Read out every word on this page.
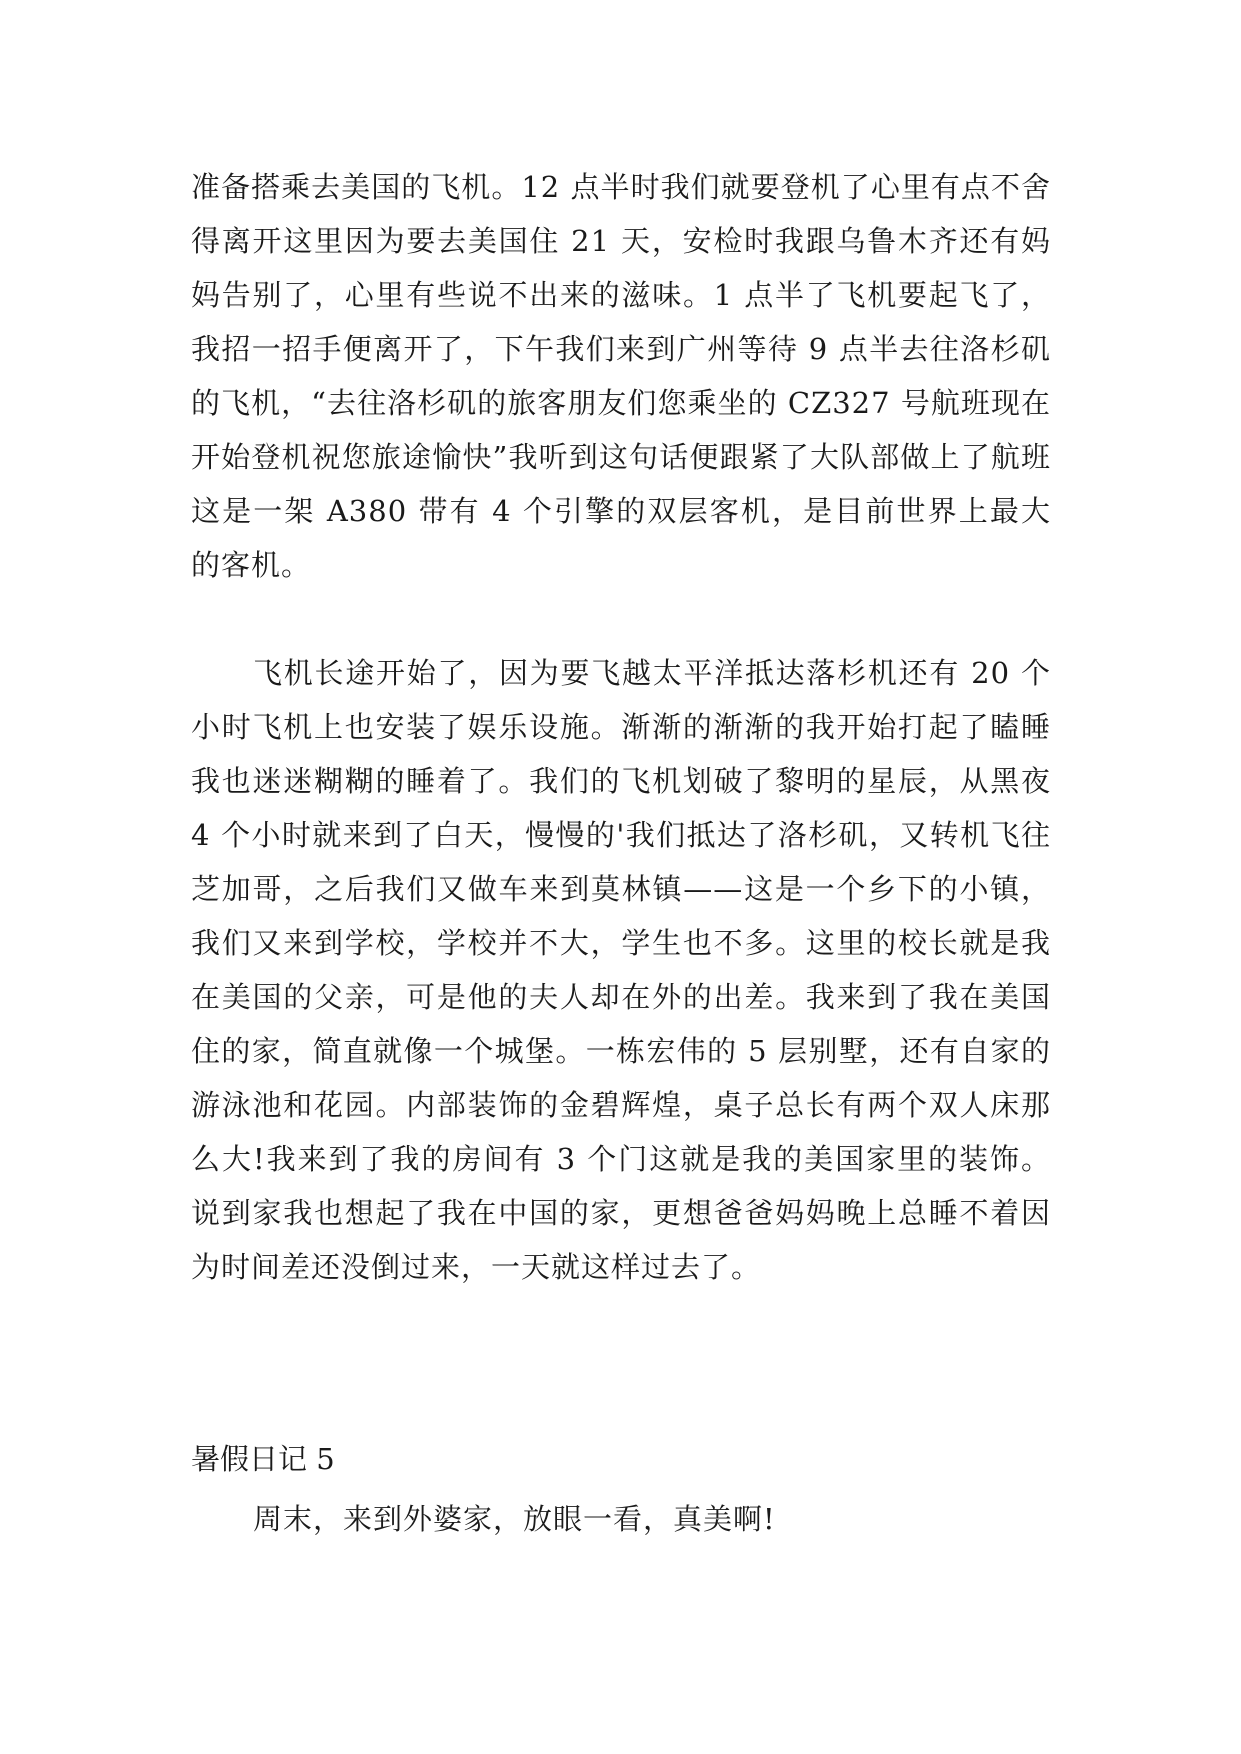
准备搭乘去美国的飞机。12 点半时我们就要登机了心里有点不舍得离开这里因为要去美国住 21 天，安检时我跟乌鲁木齐还有妈妈告别了，心里有些说不出来的滋味。1 点半了飞机要起飞了，我招一招手便离开了，下午我们来到广州等待 9 点半去往洛杉矶的飞机，“去往洛杉矶的旅客朋友们您乘坐的 CZ327 号航班现在开始登机祝您旅途愉快”我听到这句话便跟紧了大队部做上了航班这是一架 A380 带有 4 个引擎的双层客机，是目前世界上最大的客机。

飞机长途开始了，因为要飞越太平洋抵达落杉机还有 20 个小时飞机上也安装了娱乐设施。渐渐的渐渐的我开始打起了瞌睡我也迷迷糊糊的睡着了。我们的飞机划破了黎明的星辰，从黑夜 4 个小时就来到了白天，慢慢的'我们抵达了洛杉矶，又转机飞往芝加哥，之后我们又做车来到莫林镇——这是一个乡下的小镇，我们又来到学校，学校并不大，学生也不多。这里的校长就是我在美国的父亲，可是他的夫人却在外的出差。我来到了我在美国住的家，简直就像一个城堡。一栋宏伟的 5 层别墅，还有自家的游泳池和花园。内部装饰的金碧辉煌，桌子总长有两个双人床那么大!我来到了我的房间有 3 个门这就是我的美国家里的装饰。说到家我也想起了我在中国的家，更想爸爸妈妈晚上总睡不着因为时间差还没倒过来，一天就这样过去了。

暑假日记 5

周末，来到外婆家，放眼一看，真美啊!
